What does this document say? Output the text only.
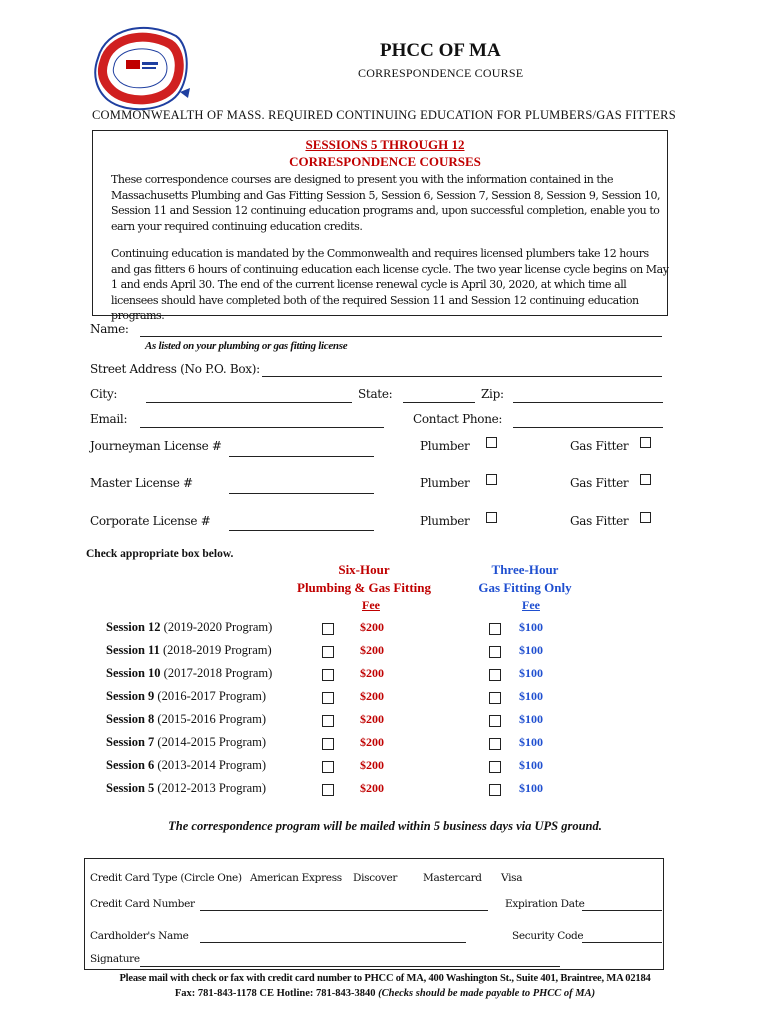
PHCC OF MA
CORRESPONDENCE COURSE
COMMONWEALTH OF MASS. REQUIRED CONTINUING EDUCATION FOR PLUMBERS/GAS FITTERS
SESSIONS 5 THROUGH 12
CORRESPONDENCE COURSES
These correspondence courses are designed to present you with the information contained in the Massachusetts Plumbing and Gas Fitting Session 5, Session 6, Session 7, Session 8, Session 9, Session 10, Session 11 and Session 12 continuing education programs and, upon successful completion, enable you to earn your required continuing education credits.
Continuing education is mandated by the Commonwealth and requires licensed plumbers take 12 hours and gas fitters 6 hours of continuing education each license cycle. The two year license cycle begins on May 1 and ends April 30. The end of the current license renewal cycle is April 30, 2020, at which time all licensees should have completed both of the required Session 11 and Session 12 continuing education programs.
Name:
As listed on your plumbing or gas fitting license
Street Address (No P.O. Box):
City:	State:	Zip:
Email:	Contact Phone:
Journeyman License #	Plumber	Gas Fitter
Master License #	Plumber	Gas Fitter
Corporate License #	Plumber	Gas Fitter
Check appropriate box below.
Six-Hour
Plumbing & Gas Fitting
Fee
Three-Hour
Gas Fitting Only
Fee
Session 12 (2019-2020 Program)	$200	$100
Session 11 (2018-2019 Program)	$200	$100
Session 10 (2017-2018 Program)	$200	$100
Session 9 (2016-2017 Program)	$200	$100
Session 8 (2015-2016 Program)	$200	$100
Session 7 (2014-2015 Program)	$200	$100
Session 6 (2013-2014 Program)	$200	$100
Session 5 (2012-2013 Program)	$200	$100
The correspondence program will be mailed within 5 business days via UPS ground.
Credit Card Type (Circle One) American Express Discover Mastercard Visa
Credit Card Number	Expiration Date
Cardholder's Name	Security Code
Signature
Please mail with check or fax with credit card number to PHCC of MA, 400 Washington St., Suite 401, Braintree, MA 02184
Fax: 781-843-1178 CE Hotline: 781-843-3840 (Checks should be made payable to PHCC of MA)
